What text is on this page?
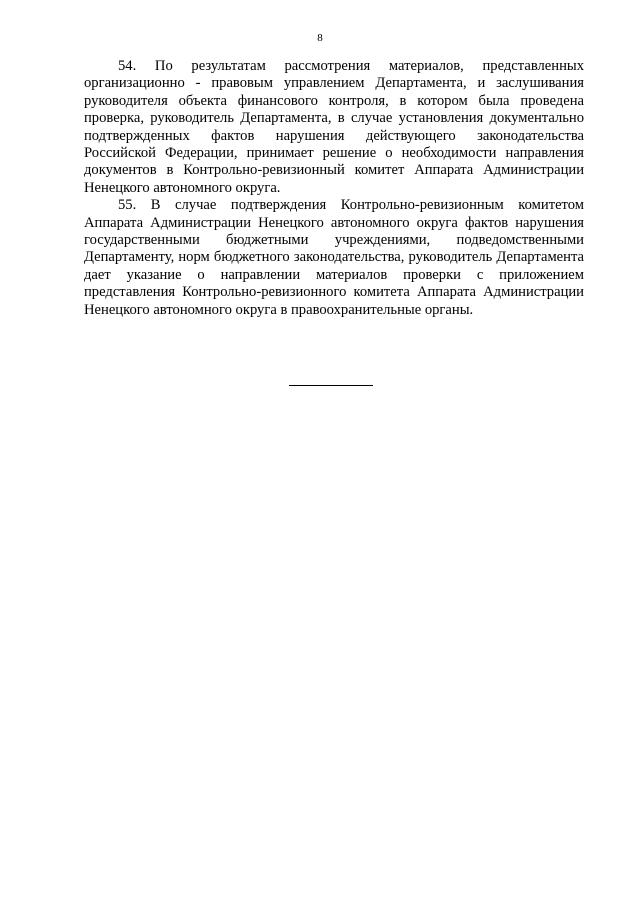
8

54. По результатам рассмотрения материалов, представленных организационно - правовым управлением Департамента, и заслушивания руководителя объекта финансового контроля, в котором была проведена проверка, руководитель Департамента, в случае установления документально подтвержденных фактов нарушения действующего законодательства Российской Федерации, принимает решение о необходимости направления документов в Контрольно-ревизионный комитет Аппарата Администрации Ненецкого автономного округа.

55. В случае подтверждения Контрольно-ревизионным комитетом Аппарата Администрации Ненецкого автономного округа фактов нарушения государственными бюджетными учреждениями, подведомственными Департаменту, норм бюджетного законодательства, руководитель Департамента дает указание о направлении материалов проверки с приложением представления Контрольно-ревизионного комитета Аппарата Администрации Ненецкого автономного округа в правоохранительные органы.
